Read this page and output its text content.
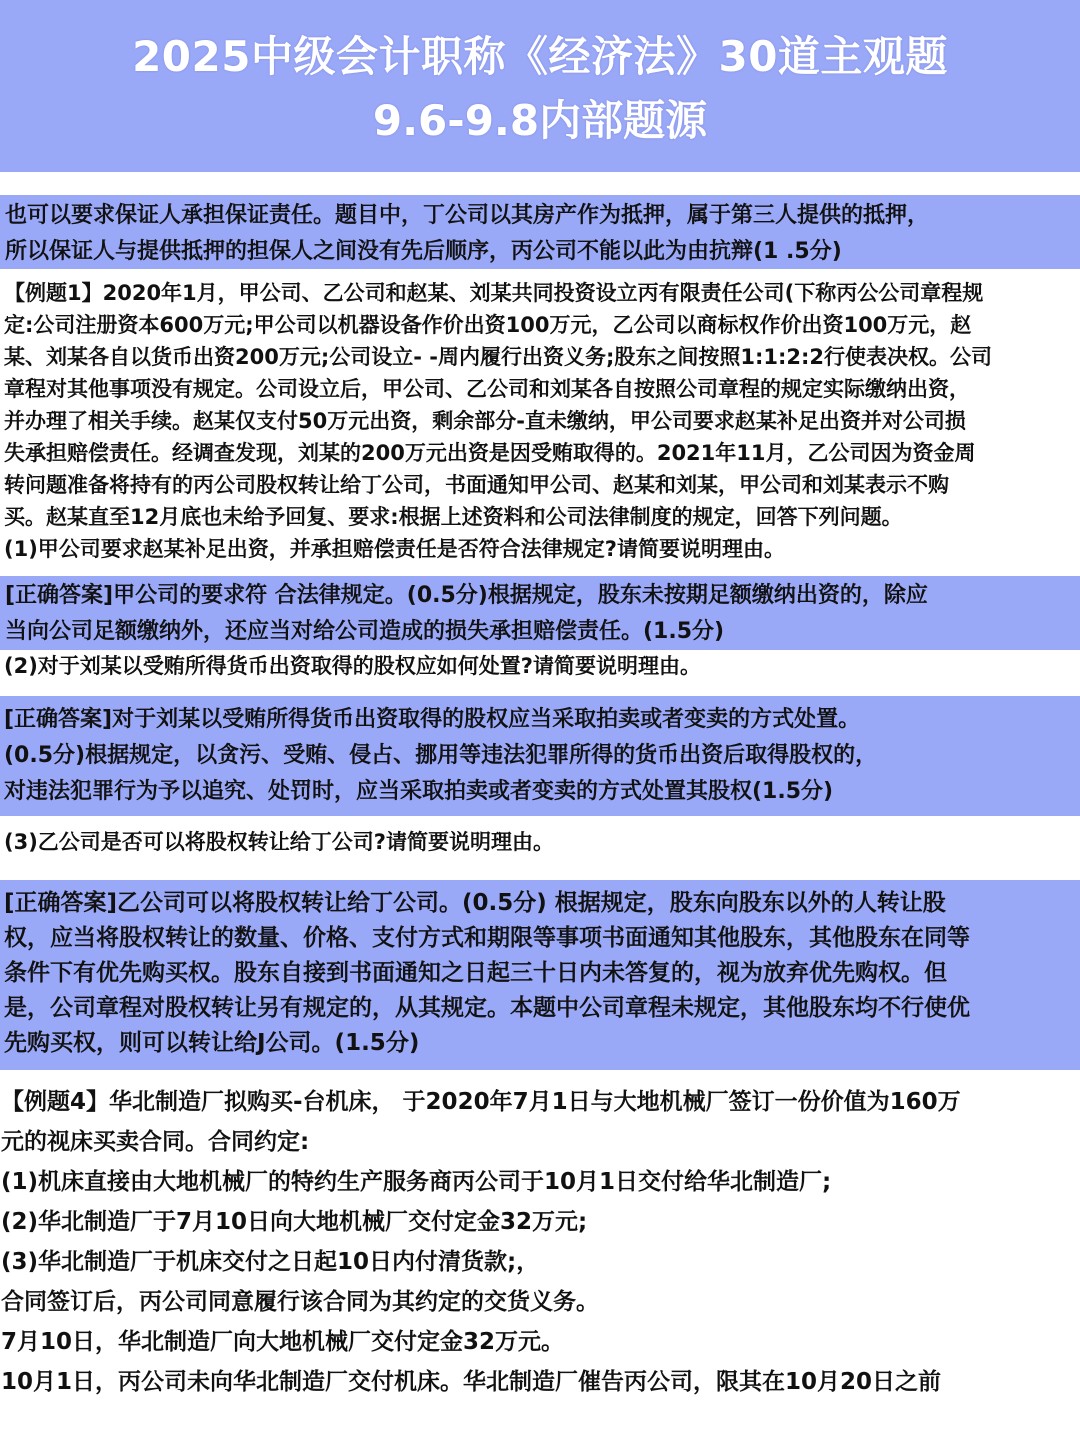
2025中级会计职称《经济法》30道主观题
9.6-9.8内部题源
也可以要求保证人承担保证责任。题目中，丁公司以其房产作为抵押，属于第三人提供的抵押，
所以保证人与提供抵押的担保人之间没有先后顺序，丙公司不能以此为由抗辩(1 .5分)
【例题1】2020年1月，甲公司、乙公司和赵某、刘某共同投资设立丙有限责任公司(下称丙公公司章程规
定:公司注册资本600万元;甲公司以机器设备作价出资100万元，乙公司以商标权作价出资100万元，赵
某、刘某各自以货币出资200万元;公司设立- -周内履行出资义务;股东之间按照1:1:2:2行使表决权。公司
章程对其他事项没有规定。公司设立后，甲公司、乙公司和刘某各自按照公司章程的规定实际缴纳出资，
并办理了相关手续。赵某仅支付50万元出资，剩余部分-直未缴纳，甲公司要求赵某补足出资并对公司损
失承担赔偿责任。经调查发现，刘某的200万元出资是因受贿取得的。2021年11月，乙公司因为资金周
转问题准备将持有的丙公司股权转让给丁公司，书面通知甲公司、赵某和刘某，甲公司和刘某表示不购
买。赵某直至12月底也未给予回复、要求:根据上述资料和公司法律制度的规定，回答下列问题。
(1)甲公司要求赵某补足出资，并承担赔偿责任是否符合法律规定?请简要说明理由。
[正确答案]甲公司的要求符 合法律规定。(0.5分)根据规定，股东未按期足额缴纳出资的，除应
当向公司足额缴纳外，还应当对给公司造成的损失承担赔偿责任。(1.5分)
(2)对于刘某以受贿所得货币出资取得的股权应如何处置?请简要说明理由。
[正确答案]对于刘某以受贿所得货币出资取得的股权应当采取拍卖或者变卖的方式处置。
(0.5分)根据规定，以贪污、受贿、侵占、挪用等违法犯罪所得的货币出资后取得股权的，
对违法犯罪行为予以追究、处罚时，应当采取拍卖或者变卖的方式处置其股权(1.5分)
(3)乙公司是否可以将股权转让给丁公司?请简要说明理由。
[正确答案]乙公司可以将股权转让给丁公司。(0.5分) 根据规定，股东向股东以外的人转让股
权，应当将股权转让的数量、价格、支付方式和期限等事项书面通知其他股东，其他股东在同等
条件下有优先购买权。股东自接到书面通知之日起三十日内未答复的，视为放弃优先购权。但
是，公司章程对股权转让另有规定的，从其规定。本题中公司章程未规定，其他股东均不行使优
先购买权，则可以转让给J公司。(1.5分)
【例题4】华北制造厂拟购买-台机床， 于2020年7月1日与大地机械厂签订一份价值为160万
元的视床买卖合同。合同约定:
(1)机床直接由大地机械厂的特约生产服务商丙公司于10月1日交付给华北制造厂;
(2)华北制造厂于7月10日向大地机械厂交付定金32万元;
(3)华北制造厂于机床交付之日起10日内付清货款;，
合同签订后，丙公司同意履行该合同为其约定的交货义务。
7月10日，华北制造厂向大地机械厂交付定金32万元。
10月1日，丙公司未向华北制造厂交付机床。华北制造厂催告丙公司，限其在10月20日之前
